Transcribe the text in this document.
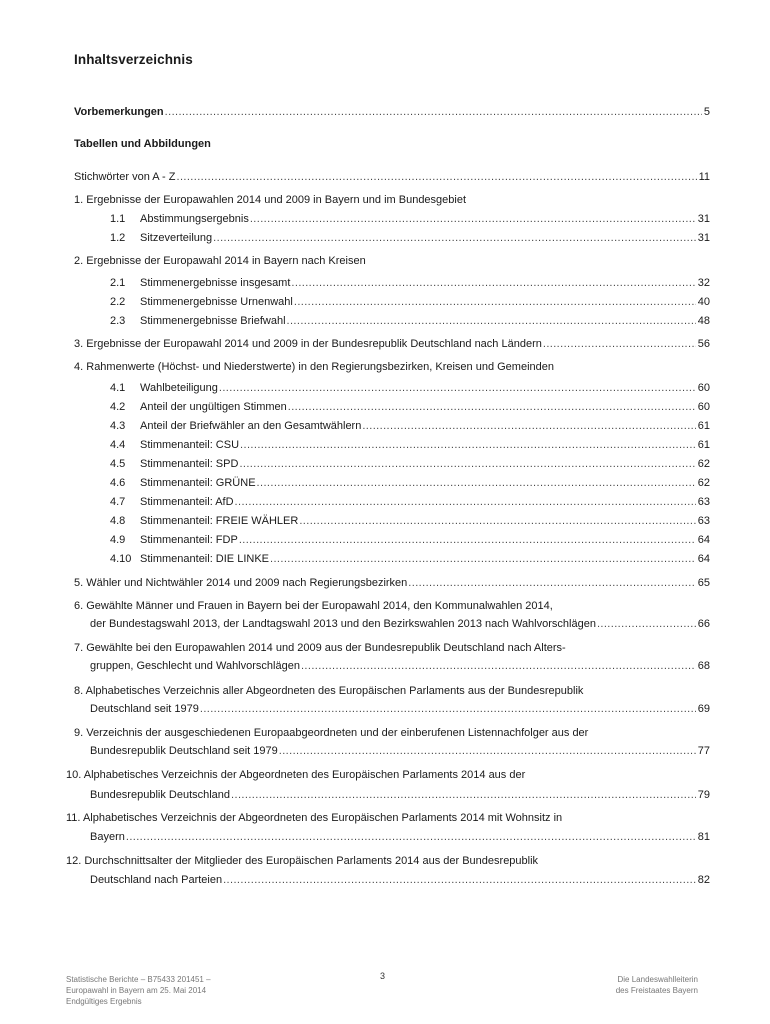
Inhaltsverzeichnis
Vorbemerkungen .....	5
Tabellen und Abbildungen
Stichwörter von A - Z .....	11
1. Ergebnisse der Europawahlen 2014 und 2009 in Bayern und im Bundesgebiet
1.1 Abstimmungsergebnis .....	31
1.2 Sitzeverteilung .....	31
2. Ergebnisse der Europawahl 2014 in Bayern nach Kreisen
2.1 Stimmenergebnisse insgesamt .....	32
2.2 Stimmenergebnisse Urnenwahl .....	40
2.3 Stimmenergebnisse Briefwahl .....	48
3. Ergebnisse der Europawahl 2014 und 2009 in der Bundesrepublik Deutschland nach Ländern .....	56
4. Rahmenwerte (Höchst- und Niederstwerte) in den Regierungsbezirken, Kreisen und Gemeinden
4.1 Wahlbeteiligung .....	60
4.2 Anteil der ungültigen Stimmen .....	60
4.3 Anteil der Briefwähler an den Gesamtwählern .....	61
4.4 Stimmenanteil: CSU .....	61
4.5 Stimmenanteil: SPD .....	62
4.6 Stimmenanteil: GRÜNE .....	62
4.7 Stimmenanteil: AfD .....	63
4.8 Stimmenanteil: FREIE WÄHLER .....	63
4.9 Stimmenanteil: FDP .....	64
4.10 Stimmenanteil: DIE LINKE .....	64
5. Wähler und Nichtwähler 2014 und 2009 nach Regierungsbezirken .....	65
6. Gewählte Männer und Frauen in Bayern bei der Europawahl 2014, den Kommunalwahlen 2014,
der Bundestagswahl 2013, der Landtagswahl 2013 und den Bezirkswahlen 2013 nach Wahlvorschlägen .....	66
7. Gewählte bei den Europawahlen 2014 und 2009 aus der Bundesrepublik Deutschland nach Alters-
gruppen, Geschlecht und Wahlvorschlägen .....	68
8. Alphabetisches Verzeichnis aller Abgeordneten des Europäischen Parlaments aus der Bundesrepublik
Deutschland seit 1979 .....	69
9. Verzeichnis der ausgeschiedenen Europaabgeordneten und der einberufenen Listennachfolger aus der
Bundesrepublik Deutschland seit 1979 .....	77
10. Alphabetisches Verzeichnis der Abgeordneten des Europäischen Parlaments 2014 aus der
Bundesrepublik Deutschland .....	79
11. Alphabetisches Verzeichnis der Abgeordneten des Europäischen Parlaments 2014 mit Wohnsitz in
Bayern .....	81
12. Durchschnittsalter der Mitglieder des Europäischen Parlaments 2014 aus der Bundesrepublik
Deutschland nach Parteien .....	82
Statistische Berichte – B75433 201451 –
Europawahl in Bayern am 25. Mai 2014
Endgültiges Ergebnis
3	Die Landeswahlleiterin
des Freistaates Bayern
